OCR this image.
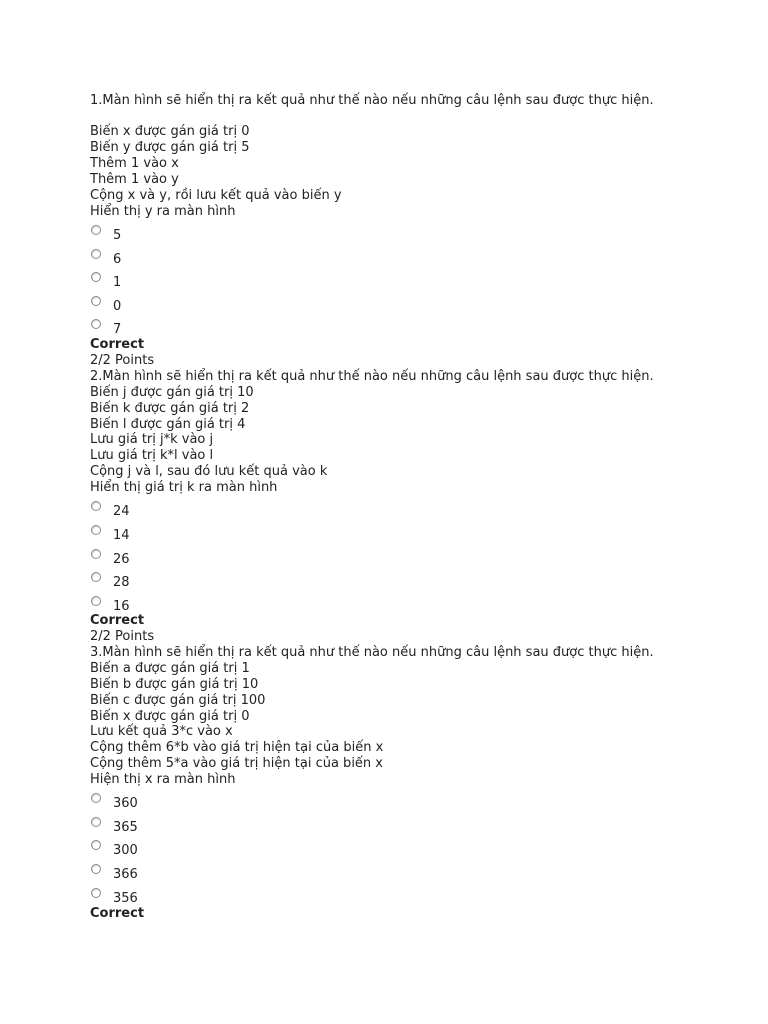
1.Màn hình sẽ hiển thị ra kết quả như thế nào nếu những câu lệnh sau được thực hiện.
Biến x được gán giá trị 0
Biến y được gán giá trị 5
Thêm 1 vào x
Thêm 1 vào y
Cộng x và y, rồi lưu kết quả vào biến y
Hiển thị y ra màn hình
5
6
1
0
7
Correct
2/2 Points
2.Màn hình sẽ hiển thị ra kết quả như thế nào nếu những câu lệnh sau được thực hiện.
Biến j được gán giá trị 10
Biến k được gán giá trị 2
Biến l được gán giá trị 4
Lưu giá trị j*k vào j
Lưu giá trị k*l vào l
Cộng j và l, sau đó lưu kết quả vào k
Hiển thị giá trị k ra màn hình
24
14
26
28
16
Correct
2/2 Points
3.Màn hình sẽ hiển thị ra kết quả như thế nào nếu những câu lệnh sau được thực hiện.
Biến a được gán giá trị 1
Biến b được gán giá trị 10
Biến c được gán giá trị 100
Biến x được gán giá trị 0
Lưu kết quả 3*c vào x
Cộng thêm 6*b vào giá trị hiện tại của biến x
Cộng thêm 5*a vào giá trị hiện tại của biến x
Hiện thị x ra màn hình
360
365
300
366
356
Correct
